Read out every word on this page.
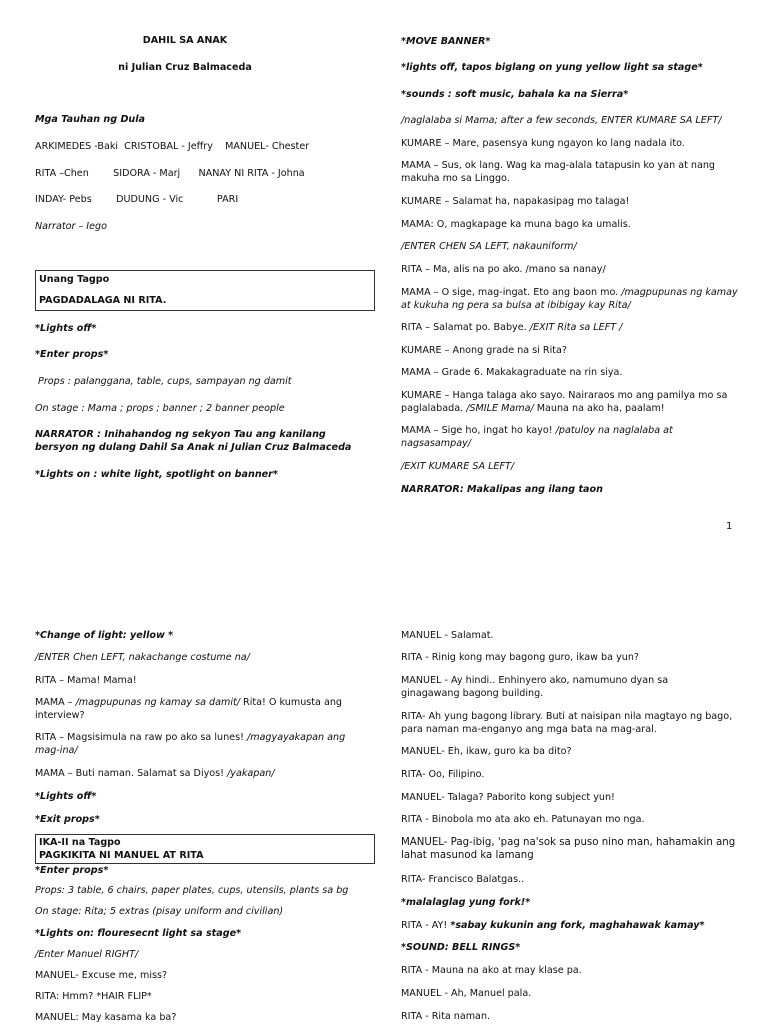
DAHIL SA ANAK

ni Julian Cruz Balmaceda

Mga Tauhan ng Dula

ARKIMEDES -Baki  CRISTOBAL - Jeffry    MANUEL- Chester

RITA –Chen        SIDORA - Marj      NANAY NI RITA - Johna

INDAY- Pebs        DUDUNG - Vic           PARI

Narrator – Iego

Unang Tagpo

PAGDADALAGA NI RITA.

*Lights off*

*Enter props*

Props : palanggana, table, cups, sampayan ng damit

On stage : Mama ; props ; banner ; 2 banner people

NARRATOR : Inihahandog ng sekyon Tau ang kanilang bersyon ng dulang Dahil Sa Anak ni Julian Cruz Balmaceda

*Lights on : white light, spotlight on banner*

*MOVE BANNER*

*lights off, tapos biglang on yung yellow light sa stage*

*sounds : soft music, bahala ka na Sierra*

/naglalaba si Mama; after a few seconds, ENTER KUMARE SA LEFT/

KUMARE – Mare, pasensya kung ngayon ko lang nadala ito.

MAMA – Sus, ok lang. Wag ka mag-alala tatapusin ko yan at nang makuha mo sa Linggo.

KUMARE – Salamat ha, napakasipag mo talaga!

MAMA: O, magkapage ka muna bago ka umalis.

/ENTER CHEN SA LEFT, nakauniform/

RITA – Ma, alis na po ako. /mano sa nanay/

MAMA – O sige, mag-ingat. Eto ang baon mo. /magpupunas ng kamay at kukuha ng pera sa bulsa at ibibigay kay Rita/

RITA – Salamat po. Babye. /EXIT Rita sa LEFT /

KUMARE – Anong grade na si Rita?

MAMA – Grade 6. Makakagraduate na rin siya.

KUMARE – Hanga talaga ako sayo. Nairaraos mo ang pamilya mo sa paglalabada. /SMILE Mama/ Mauna na ako ha, paalam!

MAMA – Sige ho, ingat ho kayo! /patuloy na naglalaba at nagsasampay/

/EXIT KUMARE SA LEFT/

NARRATOR: Makalipas ang ilang taon

1

*Change of light: yellow *

/ENTER Chen LEFT, nakachange costume na/

RITA – Mama! Mama!

MAMA – /magpupunas ng kamay sa damit/ Rita! O kumusta ang interview?

RITA – Magsisimula na raw po ako sa lunes! /magyayakapan ang mag-ina/

MAMA – Buti naman. Salamat sa Diyos! /yakapan/

*Lights off*

*Exit props*

IKA-II na Tagpo

PAGKIKITA NI MANUEL AT RITA

*Enter props*

Props: 3 table, 6 chairs, paper plates, cups, utensils, plants sa bg

On stage: Rita; 5 extras (pisay uniform and civilian)

*Lights on: flouresecnt light sa stage*

/Enter Manuel RIGHT/

MANUEL- Excuse me, miss?

RITA: Hmm? *HAIR FLIP*

MANUEL: May kasama ka ba?

MANUEL - Salamat.

RITA - Rinig kong may bagong guro, ikaw ba yun?

MANUEL - Ay hindi.. Enhinyero ako, namumuno dyan sa ginagawang bagong building.

RITA- Ah yung bagong library. Buti at naisipan nila magtayo ng bago, para naman ma-enganyo ang mga bata na mag-aral.

MANUEL- Eh, ikaw, guro ka ba dito?

RITA- Oo, Filipino.

MANUEL- Talaga? Paborito kong subject yun!

RITA - Binobola mo ata ako eh. Patunayan mo nga.

MANUEL- Pag-ibig, 'pag na'sok sa puso nino man, hahamakin ang lahat masunod ka lamang

RITA- Francisco Balatgas..

*malalaglag yung fork!*

RITA - AY! *sabay kukunin ang fork, maghahawak kamay*

*SOUND: BELL RINGS*

RITA - Mauna na ako at may klase pa.

MANUEL - Ah, Manuel pala.

RITA - Rita naman.
